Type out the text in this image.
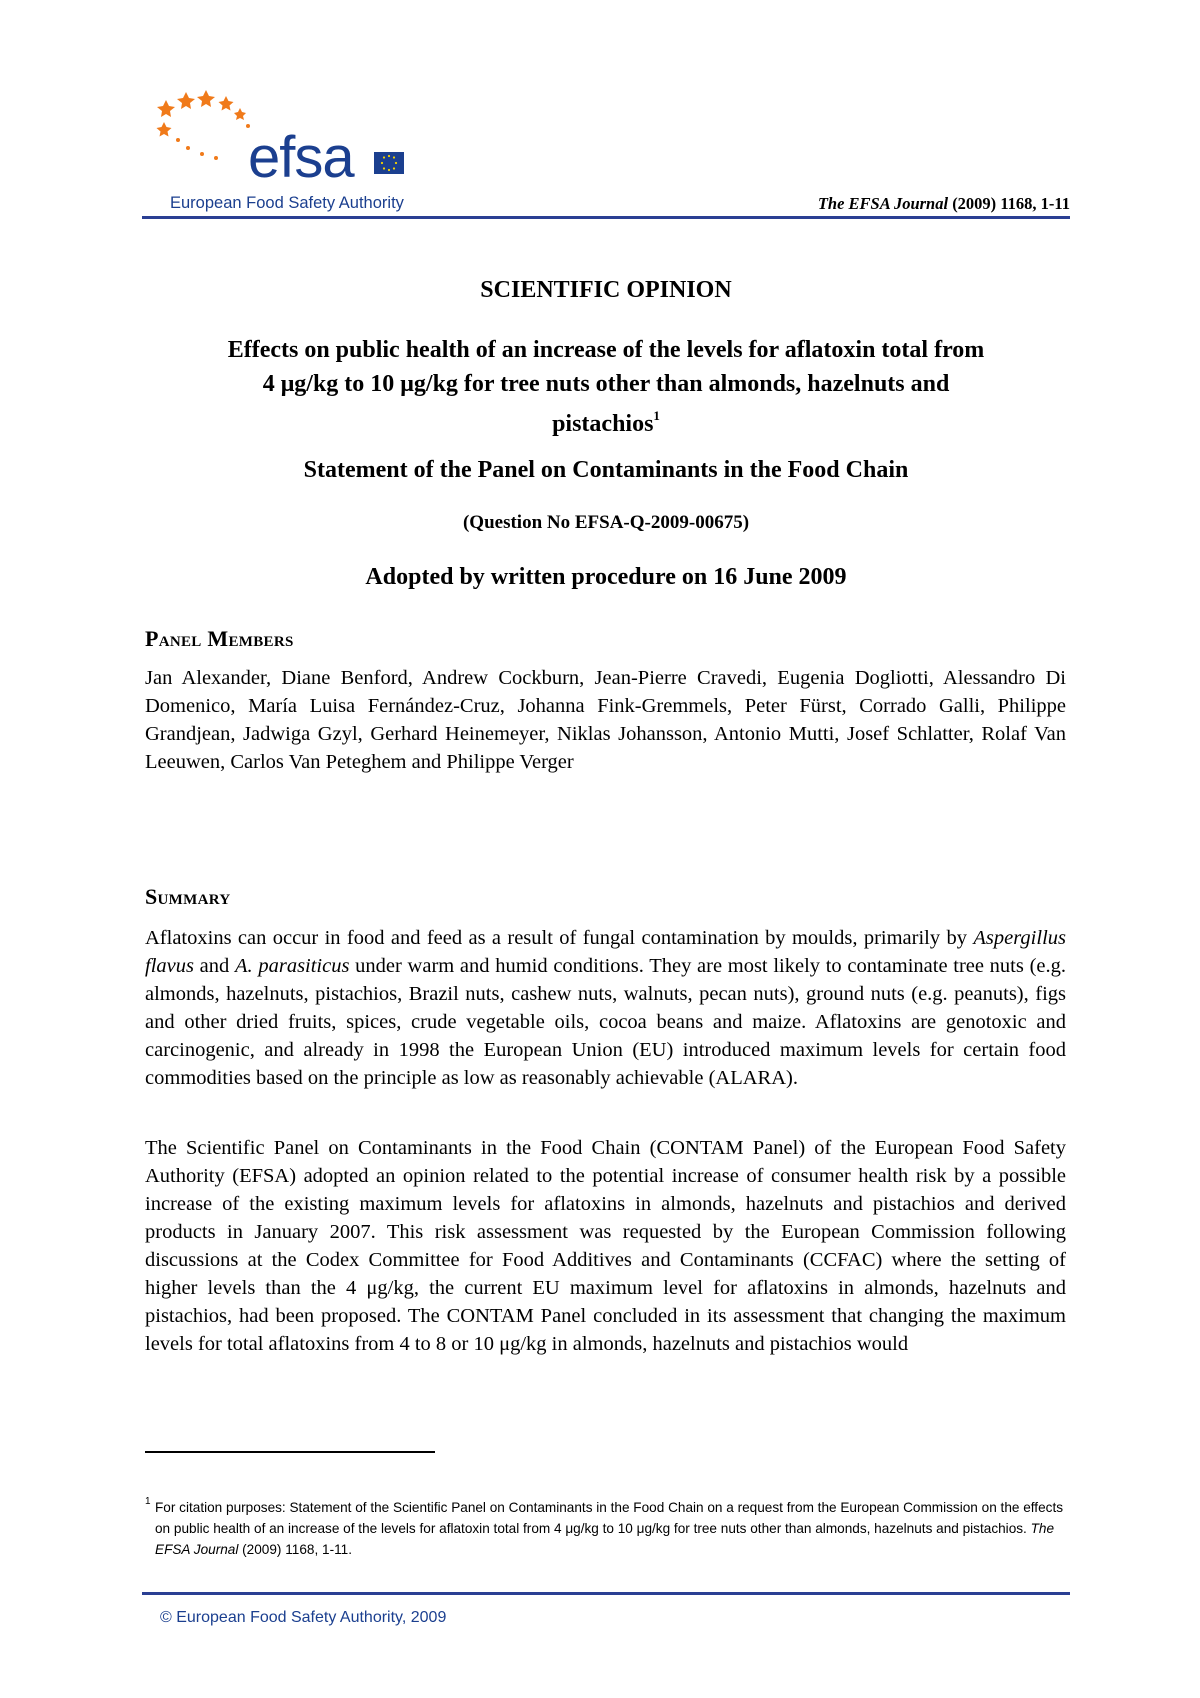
efsa
European Food Safety Authority	The EFSA Journal (2009) 1168, 1-11
SCIENTIFIC OPINION
Effects on public health of an increase of the levels for aflatoxin total from
4 μg/kg to 10 μg/kg for tree nuts other than almonds, hazelnuts and
pistachios$^1$
Statement of the Panel on Contaminants in the Food Chain
(Question No EFSA-Q-2009-00675)
Adopted by written procedure on 16 June 2009
Panel Members
Jan Alexander, Diane Benford, Andrew Cockburn, Jean-Pierre Cravedi, Eugenia Dogliotti, Alessandro Di Domenico, María Luisa Fernández-Cruz, Johanna Fink-Gremmels, Peter Fürst, Corrado Galli, Philippe Grandjean, Jadwiga Gzyl, Gerhard Heinemeyer, Niklas Johansson, Antonio Mutti, Josef Schlatter, Rolaf Van Leeuwen, Carlos Van Peteghem and Philippe Verger
Summary
Aflatoxins can occur in food and feed as a result of fungal contamination by moulds, primarily by Aspergillus flavus and A. parasiticus under warm and humid conditions. They are most likely to contaminate tree nuts (e.g. almonds, hazelnuts, pistachios, Brazil nuts, cashew nuts, walnuts, pecan nuts), ground nuts (e.g. peanuts), figs and other dried fruits, spices, crude vegetable oils, cocoa beans and maize. Aflatoxins are genotoxic and carcinogenic, and already in 1998 the European Union (EU) introduced maximum levels for certain food commodities based on the principle as low as reasonably achievable (ALARA).
The Scientific Panel on Contaminants in the Food Chain (CONTAM Panel) of the European Food Safety Authority (EFSA) adopted an opinion related to the potential increase of consumer health risk by a possible increase of the existing maximum levels for aflatoxins in almonds, hazelnuts and pistachios and derived products in January 2007. This risk assessment was requested by the European Commission following discussions at the Codex Committee for Food Additives and Contaminants (CCFAC) where the setting of higher levels than the 4 μg/kg, the current EU maximum level for aflatoxins in almonds, hazelnuts and pistachios, had been proposed. The CONTAM Panel concluded in its assessment that changing the maximum levels for total aflatoxins from 4 to 8 or 10 μg/kg in almonds, hazelnuts and pistachios would
1 For citation purposes: Statement of the Scientific Panel on Contaminants in the Food Chain on a request from the European Commission on the effects on public health of an increase of the levels for aflatoxin total from 4 μg/kg to 10 μg/kg for tree nuts other than almonds, hazelnuts and pistachios. The EFSA Journal (2009) 1168, 1-11.
© European Food Safety Authority, 2009
